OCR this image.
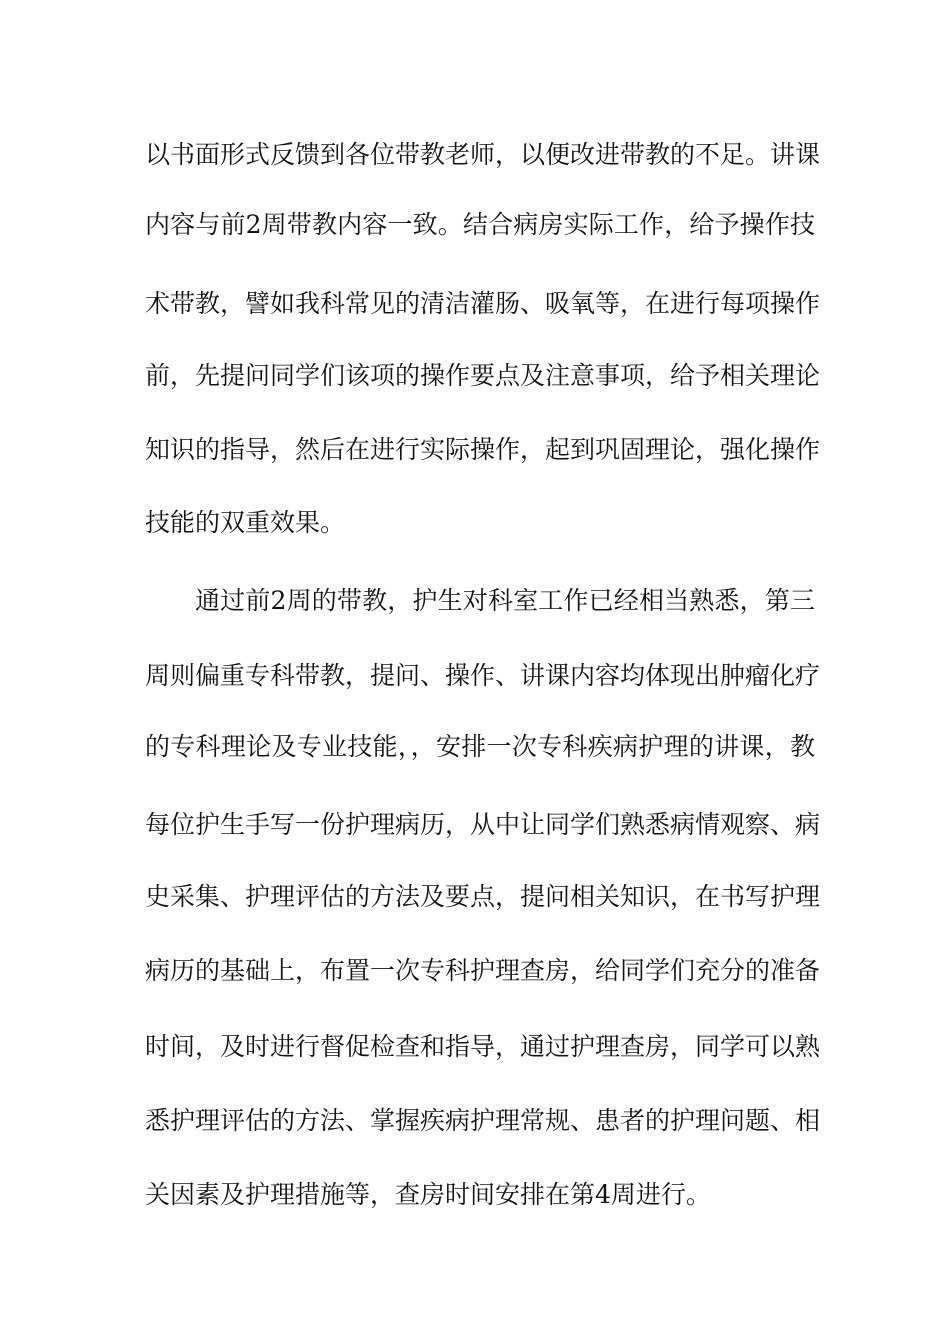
以书面形式反馈到各位带教老师，以便改进带教的不足。讲课
内容与前2周带教内容一致。结合病房实际工作，给予操作技
术带教，譬如我科常见的清洁灌肠、吸氧等，在进行每项操作
前，先提问同学们该项的操作要点及注意事项，给予相关理论
知识的指导，然后在进行实际操作，起到巩固理论，强化操作
技能的双重效果。
通过前2周的带教，护生对科室工作已经相当熟悉，第三
周则偏重专科带教，提问、操作、讲课内容均体现出肿瘤化疗
的专科理论及专业技能，，安排一次专科疾病护理的讲课，教
每位护生手写一份护理病历，从中让同学们熟悉病情观察、病
史采集、护理评估的方法及要点，提问相关知识，在书写护理
病历的基础上，布置一次专科护理查房，给同学们充分的准备
时间，及时进行督促检查和指导，通过护理查房，同学可以熟
悉护理评估的方法、掌握疾病护理常规、患者的护理问题、相
关因素及护理措施等，查房时间安排在第4周进行。
